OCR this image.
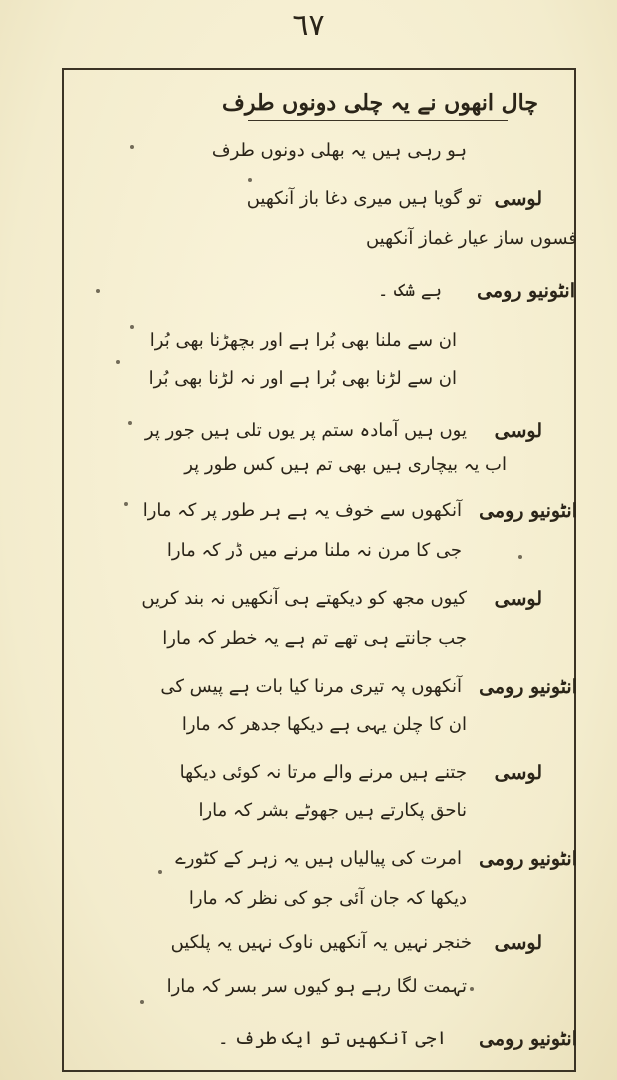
٦٧
چال انھوں نے یہ چلی دونوں طرف
ہو رہی ہیں یہ بھلی دونوں طرف
لوسی
تو گویا ہیں میری دغا باز آنکھیں
فسوں ساز عیار غماز آنکھیں
انٹونیو رومی
بے شک ۔
ان سے ملنا بھی بُرا ہے اور بچھڑنا بھی بُرا
ان سے لڑنا بھی بُرا ہے اور نہ لڑنا بھی بُرا
لوسی
یوں ہیں آمادہ ستم پر یوں تلی ہیں جور پر
اب یہ بیچاری ہیں بھی تم ہیں کس طور پر
انٹونیو رومی
آنکھوں سے خوف یہ ہے ہر طور پر کہ مارا
جی کا مرن نہ ملنا مرنے میں ڈر کہ مارا
لوسی
کیوں مجھ کو دیکھتے ہی آنکھیں نہ بند کریں
جب جانتے ہی تھے تم ہے یہ خطر کہ مارا
انٹونیو رومی
آنکھوں پہ تیری مرنا کیا بات ہے پیس کی
ان کا چلن یہی ہے دیکھا جدھر کہ مارا
لوسی
جتنے ہیں مرنے والے مرتا نہ کوئی دیکھا
ناحق پکارتے ہیں جھوٹے بشر کہ مارا
انٹونیو رومی
امرت کی پیالیاں ہیں یہ زہر کے کٹورے
دیکھا کہ جان آئی جو کی نظر کہ مارا
لوسی
خنجر نہیں یہ آنکھیں ناوک نہیں یہ پلکیں
تہمت لگا رہے ہو کیوں سر بسر کہ مارا
انٹونیو رومی
اجی آنکھیں تو ایک طرف ۔
